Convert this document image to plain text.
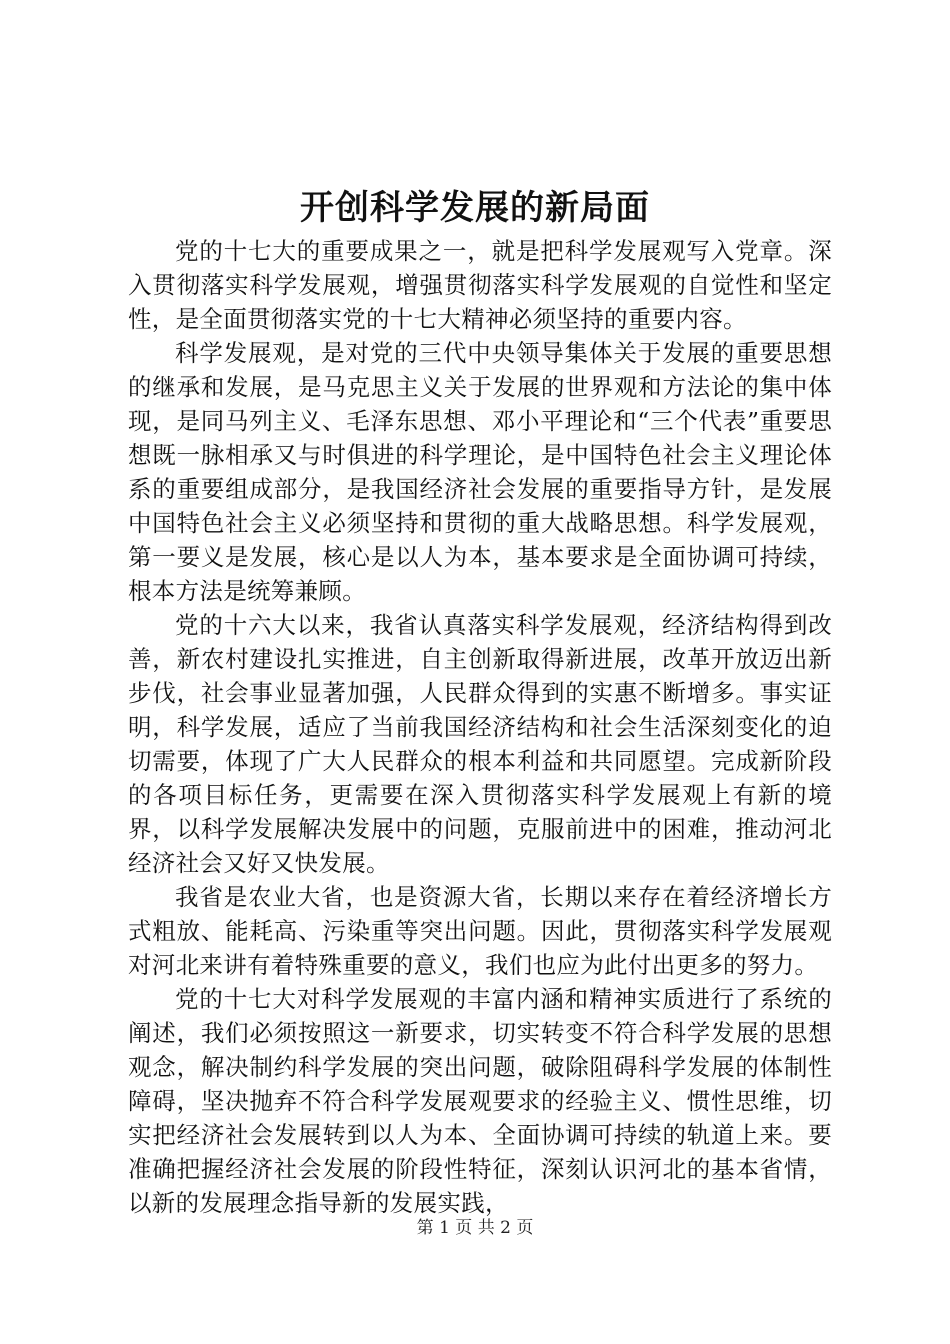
开创科学发展的新局面

党的十七大的重要成果之一，就是把科学发展观写入党章。深入贯彻落实科学发展观，增强贯彻落实科学发展观的自觉性和坚定性，是全面贯彻落实党的十七大精神必须坚持的重要内容。

科学发展观，是对党的三代中央领导集体关于发展的重要思想的继承和发展，是马克思主义关于发展的世界观和方法论的集中体现，是同马列主义、毛泽东思想、邓小平理论和“三个代表”重要思想既一脉相承又与时俱进的科学理论，是中国特色社会主义理论体系的重要组成部分，是我国经济社会发展的重要指导方针，是发展中国特色社会主义必须坚持和贯彻的重大战略思想。科学发展观，第一要义是发展，核心是以人为本，基本要求是全面协调可持续，根本方法是统筹兼顾。

党的十六大以来，我省认真落实科学发展观，经济结构得到改善，新农村建设扎实推进，自主创新取得新进展，改革开放迈出新步伐，社会事业显著加强，人民群众得到的实惠不断增多。事实证明，科学发展，适应了当前我国经济结构和社会生活深刻变化的迫切需要，体现了广大人民群众的根本利益和共同愿望。完成新阶段的各项目标任务，更需要在深入贯彻落实科学发展观上有新的境界，以科学发展解决发展中的问题，克服前进中的困难，推动河北经济社会又好又快发展。

我省是农业大省，也是资源大省，长期以来存在着经济增长方式粗放、能耗高、污染重等突出问题。因此，贯彻落实科学发展观对河北来讲有着特殊重要的意义，我们也应为此付出更多的努力。

党的十七大对科学发展观的丰富内涵和精神实质进行了系统的阐述，我们必须按照这一新要求，切实转变不符合科学发展的思想观念，解决制约科学发展的突出问题，破除阻碍科学发展的体制性障碍，坚决抛弃不符合科学发展观要求的经验主义、惯性思维，切实把经济社会发展转到以人为本、全面协调可持续的轨道上来。要准确把握经济社会发展的阶段性特征，深刻认识河北的基本省情，以新的发展理念指导新的发展实践，

第 1 页 共 2 页
